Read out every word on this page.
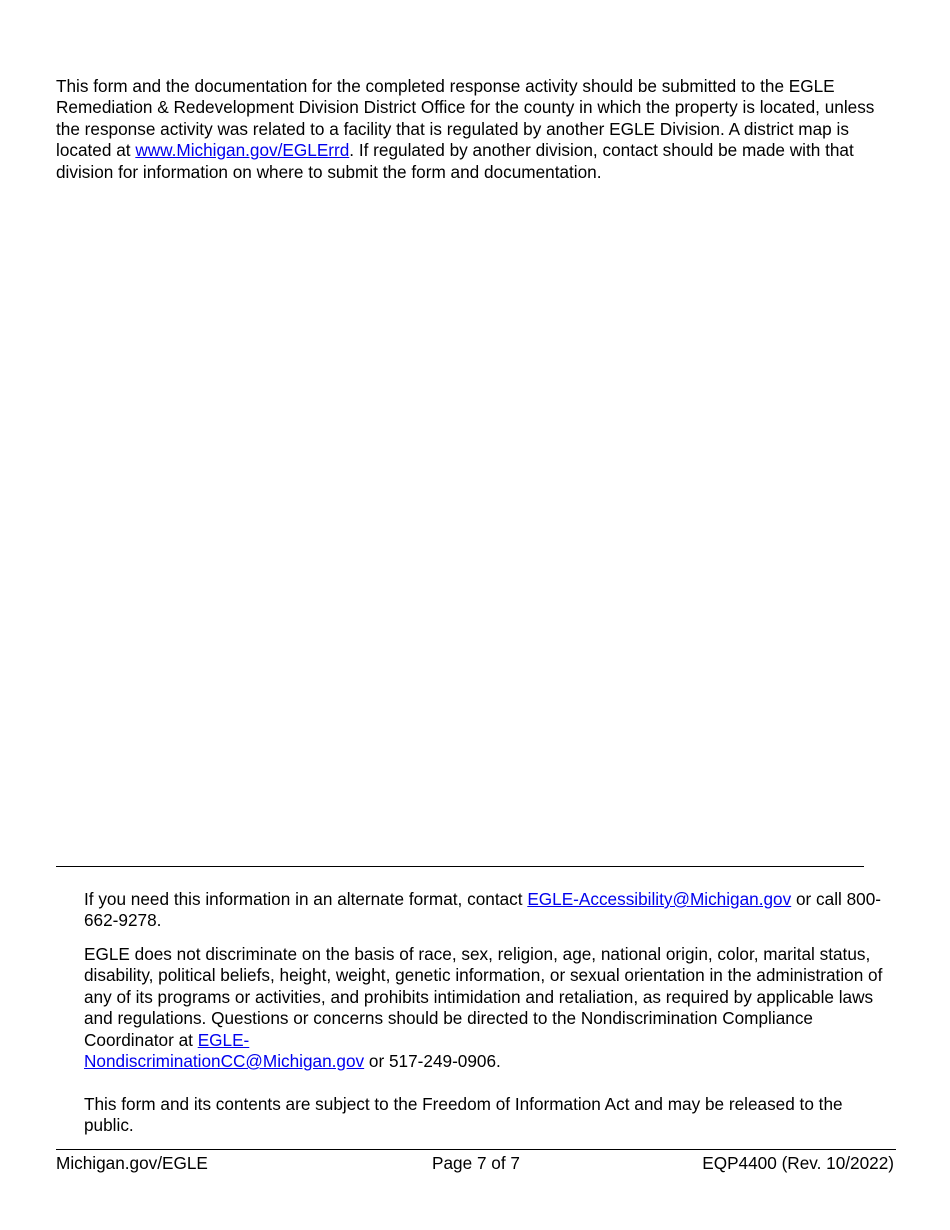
This form and the documentation for the completed response activity should be submitted to the EGLE Remediation & Redevelopment Division District Office for the county in which the property is located, unless the response activity was related to a facility that is regulated by another EGLE Division. A district map is located at www.Michigan.gov/EGLErrd. If regulated by another division, contact should be made with that division for information on where to submit the form and documentation.

If you need this information in an alternate format, contact EGLE-Accessibility@Michigan.gov or call 800-662-9278.

EGLE does not discriminate on the basis of race, sex, religion, age, national origin, color, marital status, disability, political beliefs, height, weight, genetic information, or sexual orientation in the administration of any of its programs or activities, and prohibits intimidation and retaliation, as required by applicable laws and regulations. Questions or concerns should be directed to the Nondiscrimination Compliance Coordinator at EGLE-
NondiscriminationCC@Michigan.gov or 517-249-0906.

This form and its contents are subject to the Freedom of Information Act and may be released to the public.

Michigan.gov/EGLE	Page 7 of 7	EQP4400 (Rev. 10/2022)
